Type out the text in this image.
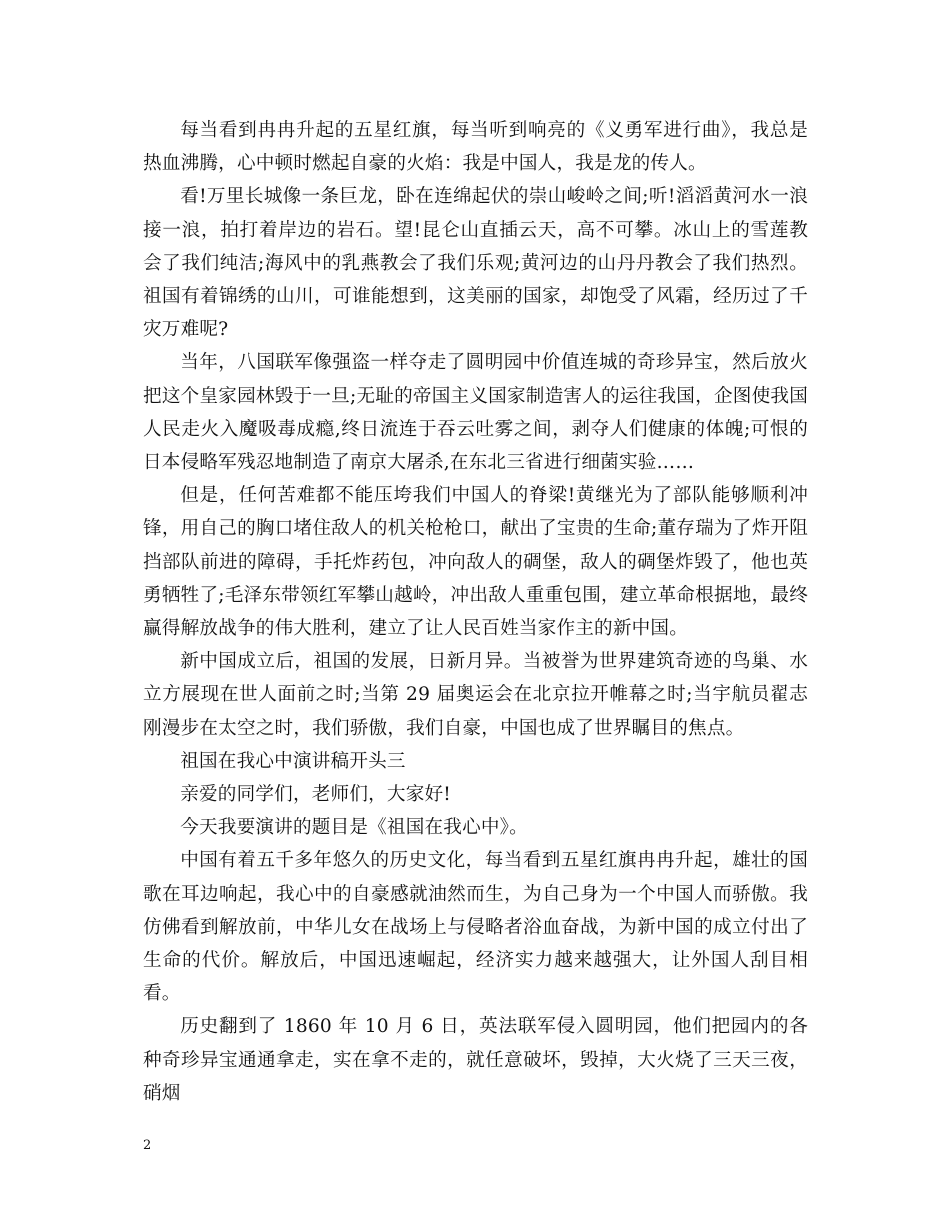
每当看到冉冉升起的五星红旗，每当听到响亮的《义勇军进行曲》，我总是热血沸腾，心中顿时燃起自豪的火焰：我是中国人，我是龙的传人。

看!万里长城像一条巨龙，卧在连绵起伏的崇山峻岭之间;听!滔滔黄河水一浪接一浪，拍打着岸边的岩石。望!昆仑山直插云天，高不可攀。冰山上的雪莲教会了我们纯洁;海风中的乳燕教会了我们乐观;黄河边的山丹丹教会了我们热烈。祖国有着锦绣的山川，可谁能想到，这美丽的国家，却饱受了风霜，经历过了千灾万难呢?

当年，八国联军像强盗一样夺走了圆明园中价值连城的奇珍异宝，然后放火把这个皇家园林毁于一旦;无耻的帝国主义国家制造害人的运往我国，企图使我国人民走火入魔吸毒成瘾,终日流连于吞云吐雾之间，剥夺人们健康的体魄;可恨的日本侵略军残忍地制造了南京大屠杀,在东北三省进行细菌实验……

但是，任何苦难都不能压垮我们中国人的脊梁!黄继光为了部队能够顺利冲锋，用自己的胸口堵住敌人的机关枪枪口，献出了宝贵的生命;董存瑞为了炸开阻挡部队前进的障碍，手托炸药包，冲向敌人的碉堡，敌人的碉堡炸毁了，他也英勇牺牲了;毛泽东带领红军攀山越岭，冲出敌人重重包围，建立革命根据地，最终赢得解放战争的伟大胜利，建立了让人民百姓当家作主的新中国。

新中国成立后，祖国的发展，日新月异。当被誉为世界建筑奇迹的鸟巢、水立方展现在世人面前之时;当第 29 届奥运会在北京拉开帷幕之时;当宇航员翟志刚漫步在太空之时，我们骄傲，我们自豪，中国也成了世界瞩目的焦点。

祖国在我心中演讲稿开头三

亲爱的同学们，老师们，大家好!

今天我要演讲的题目是《祖国在我心中》。

中国有着五千多年悠久的历史文化，每当看到五星红旗冉冉升起，雄壮的国歌在耳边响起，我心中的自豪感就油然而生，为自己身为一个中国人而骄傲。我仿佛看到解放前，中华儿女在战场上与侵略者浴血奋战，为新中国的成立付出了生命的代价。解放后，中国迅速崛起，经济实力越来越强大，让外国人刮目相看。

历史翻到了 1860 年 10 月 6 日，英法联军侵入圆明园，他们把园内的各种奇珍异宝通通拿走，实在拿不走的，就任意破坏，毁掉，大火烧了三天三夜，硝烟

2
